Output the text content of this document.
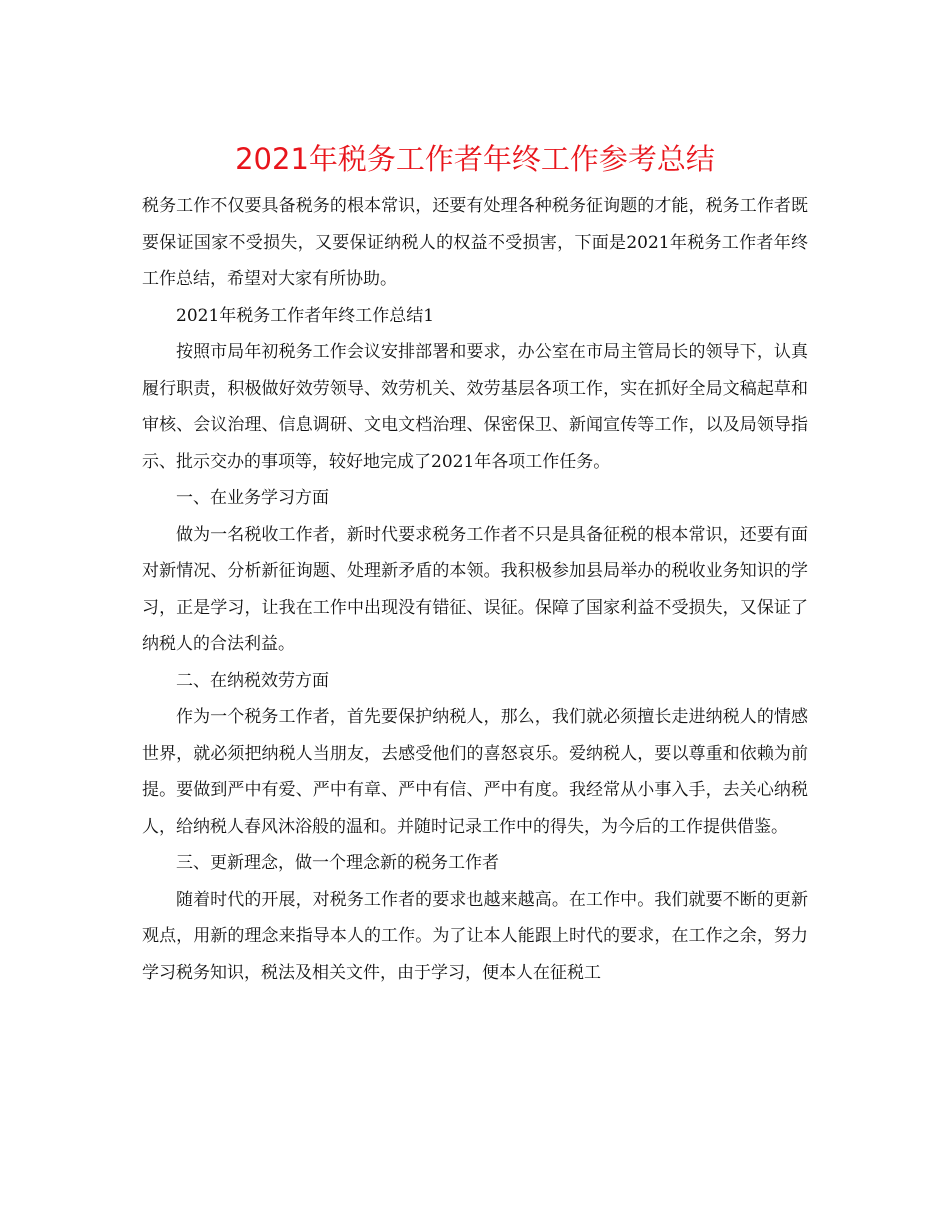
2021年税务工作者年终工作参考总结

税务工作不仅要具备税务的根本常识，还要有处理各种税务征询题的才能，税务工作者既要保证国家不受损失，又要保证纳税人的权益不受损害，下面是2021年税务工作者年终工作总结，希望对大家有所协助。

2021年税务工作者年终工作总结1

按照市局年初税务工作会议安排部署和要求，办公室在市局主管局长的领导下，认真履行职责，积极做好效劳领导、效劳机关、效劳基层各项工作，实在抓好全局文稿起草和审核、会议治理、信息调研、文电文档治理、保密保卫、新闻宣传等工作，以及局领导指示、批示交办的事项等，较好地完成了2021年各项工作任务。

一、在业务学习方面

做为一名税收工作者，新时代要求税务工作者不只是具备征税的根本常识，还要有面对新情况、分析新征询题、处理新矛盾的本领。我积极参加县局举办的税收业务知识的学习，正是学习，让我在工作中出现没有错征、误征。保障了国家利益不受损失，又保证了纳税人的合法利益。

二、在纳税效劳方面

作为一个税务工作者，首先要保护纳税人，那么，我们就必须擅长走进纳税人的情感世界，就必须把纳税人当朋友，去感受他们的喜怒哀乐。爱纳税人，要以尊重和依赖为前提。要做到严中有爱、严中有章、严中有信、严中有度。我经常从小事入手，去关心纳税人，给纳税人春风沐浴般的温和。并随时记录工作中的得失，为今后的工作提供借鉴。

三、更新理念，做一个理念新的税务工作者

随着时代的开展，对税务工作者的要求也越来越高。在工作中。我们就要不断的更新观点，用新的理念来指导本人的工作。为了让本人能跟上时代的要求，在工作之余，努力学习税务知识，税法及相关文件，由于学习，便本人在征税工
